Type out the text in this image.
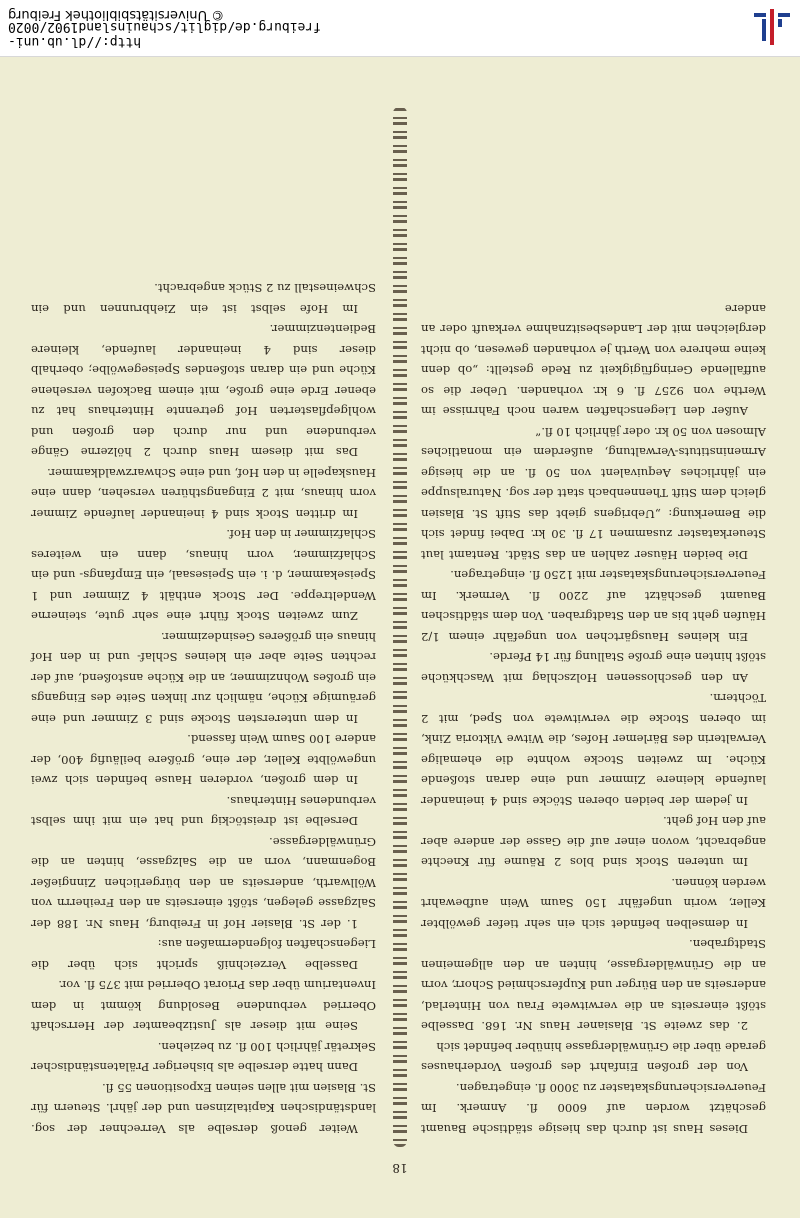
© Universitätsbibliothek Freiburg
http://dl.ub.uni-freiburg.de/diglit/schauinsland1902/0020
18

Dieses Haus ist durch das hiesige städtische Bauamt geschätzt worden auf 6000 fl. Anmerk. Im Feuerversicherungskataster zu 3000 fl. eingetragen.

Von der großen Einfahrt des großen Vorderhauses gerade über die Grünwäldergasse hinüber befindet sich

2. das zweite St. Blasianer Haus Nr. 168. Dasselbe stößt einerseits an die verwitwete Frau von Hinterlad, anderseits an den Bürger und Kupferschmied Schorr, vorn an die Grünwäldergasse, hinten an den allgemeinen Stadtgraben.

In demselben befindet sich ein sehr tiefer gewölbter Keller, worin ungefähr 150 Saum Wein aufbewahrt werden können.

Im unteren Stock sind blos 2 Räume für Knechte angebracht, wovon einer auf die Gasse der andere aber auf den Hof geht.

In jedem der beiden oberen Stöcke sind 4 ineinander laufende kleinere Zimmer und eine daran stoßende Küche. Im zweiten Stocke wohnte die ehemalige Verwalterin des Bärlemer Hofes, die Witwe Viktoria Zink, im oberen Stocke die verwitwete von Sped, mit 2 Töchtern.

An den geschlossenen Holzschlag mit Waschküche stößt hinten eine große Stallung für 14 Pferde.

Ein kleines Hausgärtchen von ungefähr einem 1/2 Häufen geht bis an den Stadtgraben. Von dem städtischen Bauamt geschätzt auf 2200 fl. Vermerk. Im Feuerversicherungskataster mit 1250 fl. eingetragen.

Die beiden Häuser zahlen an das Städt. Rentamt laut Steuerkataster zusammen 17 fl. 30 kr. Dabei findet sich die Bemerkung: „Uebrigens giebt das Stift St. Blasien gleich dem Stift Thennenbach statt der sog. Naturalsuppe ein jährliches Aequivalent von 50 fl. an die hiesige Armeninstituts-Verwaltung, außerdem ein monatliches Almosen von 50 kr. oder jährlich 10 fl.“

Außer den Liegenschaften waren noch Fahrnisse im Werthe von 9257 fl. 6 kr. vorhanden. Ueber die so auffallende Geringfügigkeit zu Rede gestellt: „ob denn keine mehrere von Werth je vorhanden gewesen, ob nicht dergleichen mit der Landesbesitznahme verkauft oder an andere

Weiter genoß derselbe als Verrechner der sog. landständischen Kapitalzinsen und der jährl. Steuern für St. Blasien mit allen seinen Expositionen 55 fl.

Dann hatte derselbe als bisheriger Prälatenständischer Sekretär jährlich 100 fl. zu beziehen.

Seine mit dieser als Justizbeamter der Herrschaft Oberried verbundene Besoldung kömmt in dem Inventarium über das Priorat Oberried mit 375 fl. vor.

Dasselbe Verzeichniß spricht sich über die Liegenschaften folgendermaßen aus:

1. der St. Blasier Hof in Freiburg, Haus Nr. 188 der Salzgasse gelegen, stößt einerseits an den Freiherrn von Wöllwarth, anderseits an den bürgerlichen Zinngießer Bogenmann, vorn an die Salzgasse, hinten an die Grünwäldergasse.

Derselbe ist dreistöckig und hat ein mit ihm selbst verbundenes Hinterhaus.

In dem großen, vorderen Hause befinden sich zwei ungewölbte Keller, der eine, größere beiläufig 400, der andere 100 Saum Wein fassend.

In dem unterersten Stocke sind 3 Zimmer und eine geräumige Küche, nämlich zur linken Seite des Eingangs ein großes Wohnzimmer, an die Küche anstoßend, auf der rechten Seite aber ein kleines Schlaf- und in den Hof hinaus ein größeres Gesindezimmer.

Zum zweiten Stock führt eine sehr gute, steinerne Wendeltreppe. Der Stock enthält 4 Zimmer und 1 Speisekammer, d. i. ein Speisesaal, ein Empfangs- und ein Schlafzimmer, vorn hinaus, dann ein weiteres Schlafzimmer in den Hof.

Im dritten Stock sind 4 ineinander laufende Zimmer vorn hinaus, mit 2 Eingangsthüren versehen, dann eine Hauskapelle in den Hof, und eine Schwarzwaldkammer.

Das mit diesem Haus durch 2 hölzerne Gänge verbundene und nur durch den großen und wohlgepflasterten Hof getrennte Hinterhaus hat zu ebener Erde eine große, mit einem Backofen versehene Küche und ein daran stoßendes Speisegewölbe; oberhalb dieser sind 4 ineinander laufende, kleinere Bedientenzimmer.

Im Hofe selbst ist ein Ziehbrunnen und ein Schweinestall zu 2 Stück angebracht.
